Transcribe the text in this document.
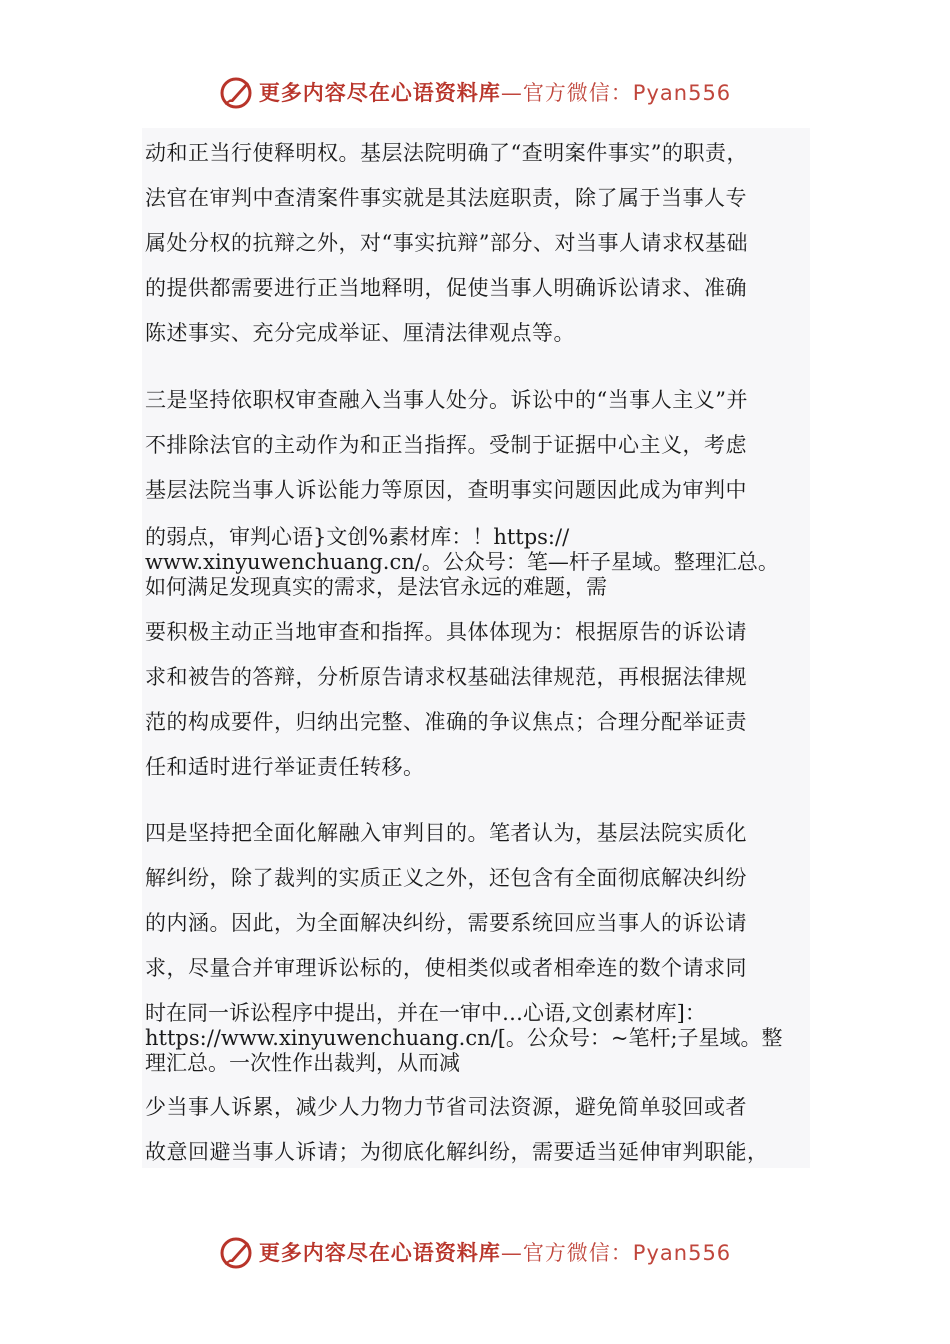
更多内容尽在心语资料库 —官方微信：Pyan556
动和正当行使释明权。基层法院明确了“查明案件事实”的职责，
法官在审判中查清案件事实就是其法庭职责，除了属于当事人专
属处分权的抗辩之外，对“事实抗辩”部分、对当事人请求权基础
的提供都需要进行正当地释明，促使当事人明确诉讼请求、准确
陈述事实、充分完成举证、厘清法律观点等。
三是坚持依职权审查融入当事人处分。诉讼中的“当事人主义”并
不排除法官的主动作为和正当指挥。受制于证据中心主义，考虑
基层法院当事人诉讼能力等原因，查明事实问题因此成为审判中
的弱点，审判心语}文创%素材库：！https://
www.xinyuwenchuang.cn/。公众号：笔—杆子星域。整理汇总。
如何满足发现真实的需求，是法官永远的难题，需
要积极主动正当地审查和指挥。具体体现为：根据原告的诉讼请
求和被告的答辩，分析原告请求权基础法律规范，再根据法律规
范的构成要件，归纳出完整、准确的争议焦点；合理分配举证责
任和适时进行举证责任转移。
四是坚持把全面化解融入审判目的。笔者认为，基层法院实质化
解纠纷，除了裁判的实质正义之外，还包含有全面彻底解决纠纷
的内涵。因此，为全面解决纠纷，需要系统回应当事人的诉讼请
求，尽量合并审理诉讼标的，使相类似或者相牵连的数个请求同
时在同一诉讼程序中提出，并在一审中…心语,文创素材库]：
https://www.xinyuwenchuang.cn/[。公众号：~笔杆;子星域。整
理汇总。一次性作出裁判，从而减
少当事人诉累，减少人力物力节省司法资源，避免简单驳回或者
故意回避当事人诉请；为彻底化解纠纷，需要适当延伸审判职能，
更多内容尽在心语资料库 —官方微信：Pyan556
